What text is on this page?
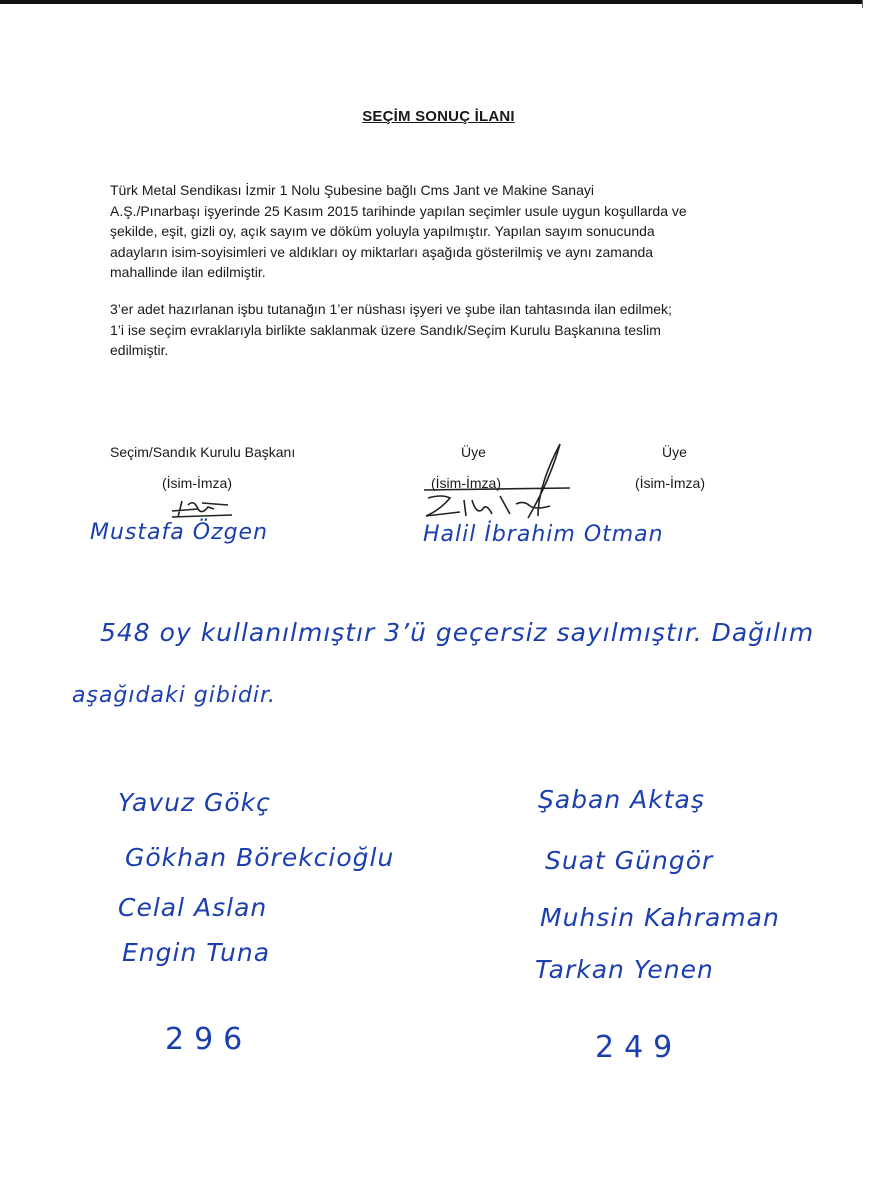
SEÇİM SONUÇ İLANI
Türk Metal Sendikası İzmir 1 Nolu Şubesine bağlı Cms Jant ve Makine Sanayi
A.Ş./Pınarbaşı işyerinde 25 Kasım 2015 tarihinde yapılan seçimler usule uygun koşullarda ve
şekilde, eşit, gizli oy, açık sayım ve döküm yoluyla yapılmıştır. Yapılan sayım sonucunda
adayların isim-soyisimleri ve aldıkları oy miktarları aşağıda gösterilmiş ve aynı zamanda
mahallinde ilan edilmiştir.
3’er adet hazırlanan işbu tutanağın 1’er nüshası işyeri ve şube ilan tahtasında ilan edilmek;
1’i ise seçim evraklarıyla birlikte saklanmak üzere Sandık/Seçim Kurulu Başkanına teslim
edilmiştir.
Seçim/Sandık Kurulu Başkanı
(İsim-İmza)
Üye
(İsim-İmza)
Üye
(İsim-İmza)
Mustafa Özgen	Halil İbrahim Otman
548 oy kullanılmıştır 3’ü geçersiz sayılmıştır. Dağılım
aşağıdaki gibidir.
Yavuz Gökç
Gökhan Börekcioğlu
Celal Aslan
Engin Tuna
296
Şaban Aktaş
Suat Güngör
Muhsin Kahraman
Tarkan Yenen
249
